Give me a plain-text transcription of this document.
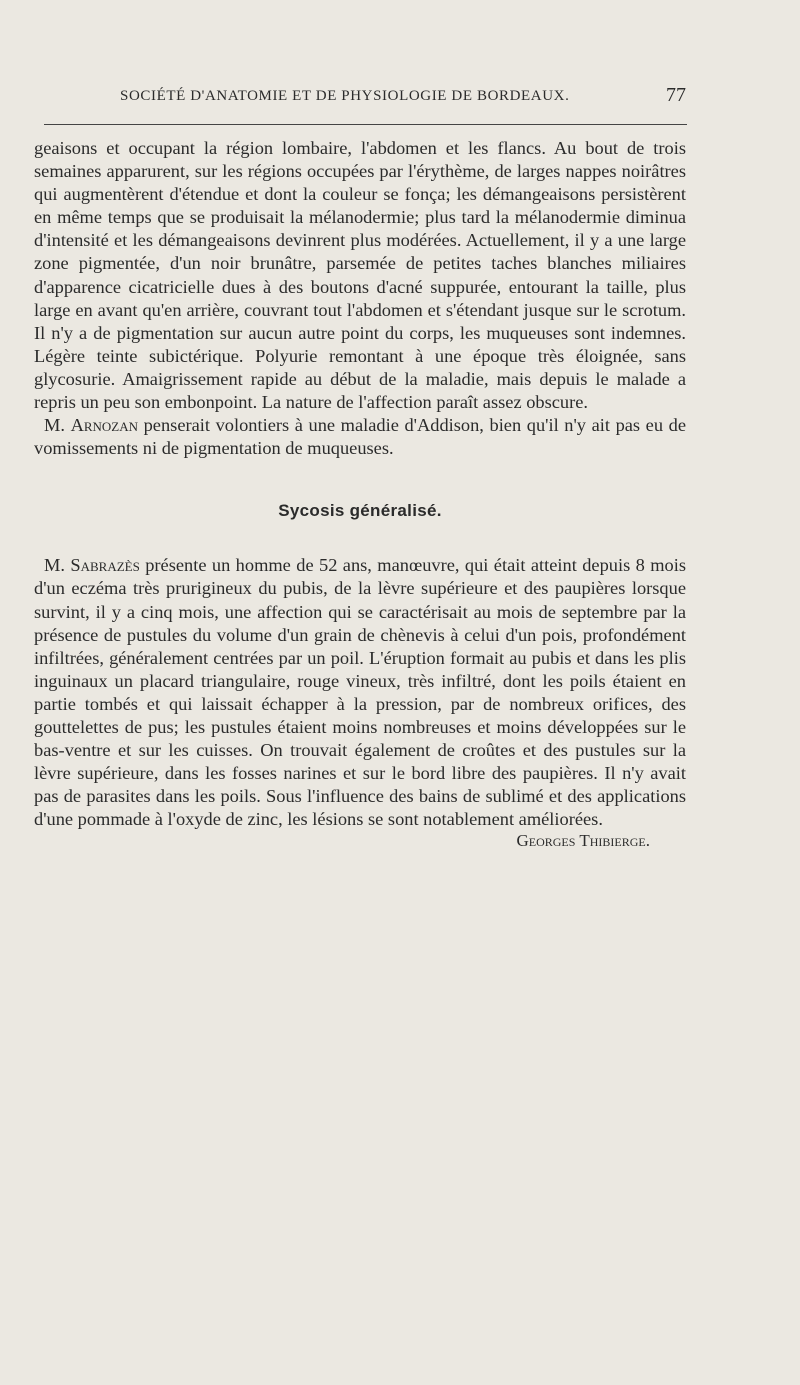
SOCIÉTÉ D'ANATOMIE ET DE PHYSIOLOGIE DE BORDEAUX.	77

geaisons et occupant la région lombaire, l'abdomen et les flancs. Au bout de trois semaines apparurent, sur les régions occupées par l'érythème, de larges nappes noirâtres qui augmentèrent d'étendue et dont la couleur se fonça; les démangeaisons persistèrent en même temps que se produisait la mélanodermie; plus tard la mélanodermie diminua d'intensité et les démangeaisons devinrent plus modérées. Actuellement, il y a une large zone pigmentée, d'un noir brunâtre, parsemée de petites taches blanches miliaires d'apparence cicatricielle dues à des boutons d'acné suppurée, entourant la taille, plus large en avant qu'en arrière, couvrant tout l'abdomen et s'étendant jusque sur le scrotum. Il n'y a de pigmentation sur aucun autre point du corps, les muqueuses sont indemnes. Légère teinte subictérique. Polyurie remontant à une époque très éloignée, sans glycosurie. Amaigrissement rapide au début de la maladie, mais depuis le malade a repris un peu son embonpoint. La nature de l'affection paraît assez obscure.

M. Arnozan penserait volontiers à une maladie d'Addison, bien qu'il n'y ait pas eu de vomissements ni de pigmentation de muqueuses.

Sycosis généralisé.

M. Sabrazès présente un homme de 52 ans, manœuvre, qui était atteint depuis 8 mois d'un eczéma très prurigineux du pubis, de la lèvre supérieure et des paupières lorsque survint, il y a cinq mois, une affection qui se caractérisait au mois de septembre par la présence de pustules du volume d'un grain de chènevis à celui d'un pois, profondément infiltrées, généralement centrées par un poil. L'éruption formait au pubis et dans les plis inguinaux un placard triangulaire, rouge vineux, très infiltré, dont les poils étaient en partie tombés et qui laissait échapper à la pression, par de nombreux orifices, des gouttelettes de pus; les pustules étaient moins nombreuses et moins développées sur le bas-ventre et sur les cuisses. On trouvait également de croûtes et des pustules sur la lèvre supérieure, dans les fosses narines et sur le bord libre des paupières. Il n'y avait pas de parasites dans les poils. Sous l'influence des bains de sublimé et des applications d'une pommade à l'oxyde de zinc, les lésions se sont notablement améliorées.

Georges Thibierge.
